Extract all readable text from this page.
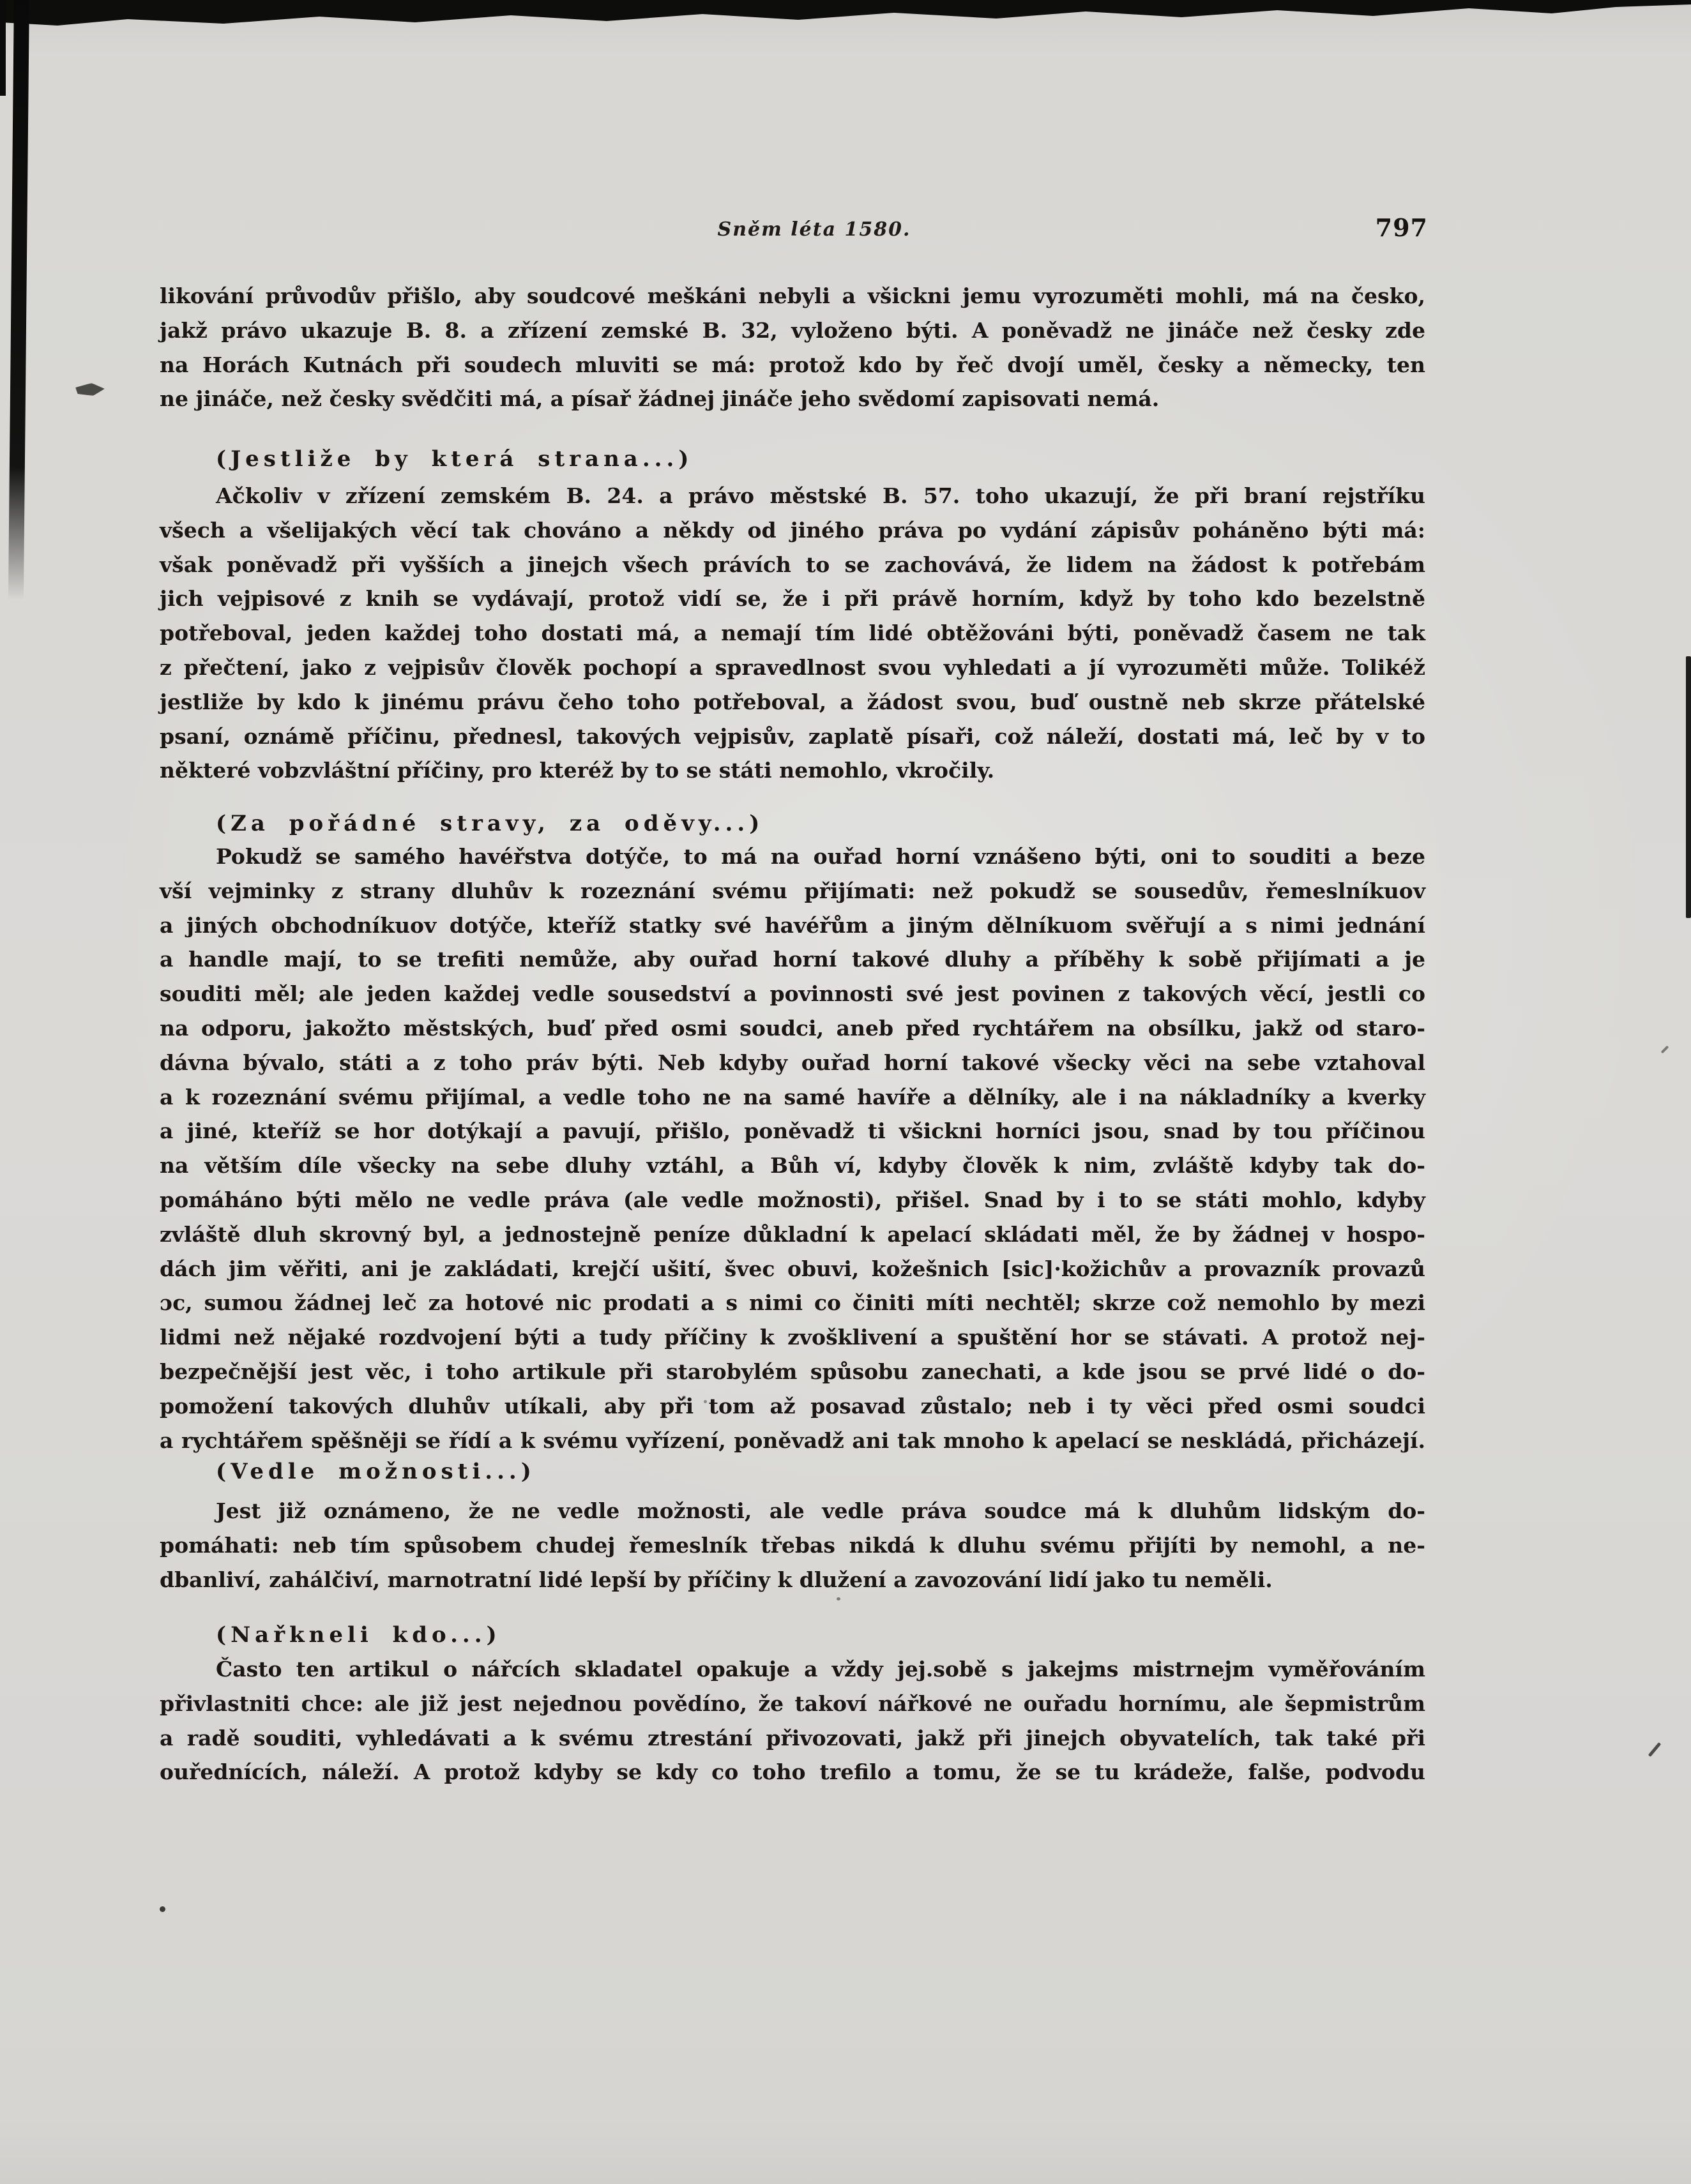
Sněm léta 1580.	797
likování průvodův přišlo, aby soudcové meškáni nebyli a všickni jemu vyrozuměti mohli, má na česko,
jakž právo ukazuje B. 8. a zřízení zemské B. 32, vyloženo býti. A poněvadž ne jináče než česky zde
na Horách Kutnách při soudech mluviti se má: protož kdo by řeč dvojí uměl, česky a německy, ten
ne jináče, než česky svědčiti má, a písař žádnej jináče jeho svědomí zapisovati nemá.
(Jestliže by která strana...)
Ačkoliv v zřízení zemském B. 24. a právo městské B. 57. toho ukazují, že při braní rejstříku
všech a všelijakých věcí tak chováno a někdy od jiného práva po vydání zápisův poháněno býti má:
však poněvadž při vyšších a jinejch všech právích to se zachovává, že lidem na žádost k potřebám
jich vejpisové z knih se vydávají, protož vidí se, že i při právě horním, když by toho kdo bezelstně
potřeboval, jeden každej toho dostati má, a nemají tím lidé obtěžováni býti, poněvadž časem ne tak
z přečtení, jako z vejpisův člověk pochopí a spravedlnost svou vyhledati a jí vyrozuměti může. Tolikéž
jestliže by kdo k jinému právu čeho toho potřeboval, a žádost svou, buď oustně neb skrze přátelské
psaní, oznámě příčinu, přednesl, takových vejpisův, zaplatě písaři, což náleží, dostati má, leč by v to
některé vobzvláštní příčiny, pro kteréž by to se státi nemohlo, vkročily.
(Za pořádné stravy, za oděvy...)
Pokudž se samého havéřstva dotýče, to má na ouřad horní vznášeno býti, oni to souditi a beze
vší vejminky z strany dluhův k rozeznání svému přijímati: než pokudž se sousedův, řemeslníkuov
a jiných obchodníkuov dotýče, kteříž statky své havéřům a jiným dělníkuom svěřují a s nimi jednání
a handle mají, to se trefiti nemůže, aby ouřad horní takové dluhy a příběhy k sobě přijímati a je
souditi měl; ale jeden každej vedle sousedství a povinnosti své jest povinen z takových věcí, jestli co
na odporu, jakožto městských, buď před osmi soudci, aneb před rychtářem na obsílku, jakž od staro-
dávna bývalo, státi a z toho práv býti. Neb kdyby ouřad horní takové všecky věci na sebe vztahoval
a k rozeznání svému přijímal, a vedle toho ne na samé havíře a dělníky, ale i na nákladníky a kverky
a jiné, kteříž se hor dotýkají a pavují, přišlo, poněvadž ti všickni horníci jsou, snad by tou příčinou
na větším díle všecky na sebe dluhy vztáhl, a Bůh ví, kdyby člověk k nim, zvláště kdyby tak do-
pomáháno býti mělo ne vedle práva (ale vedle možnosti), přišel. Snad by i to se státi mohlo, kdyby
zvláště dluh skrovný byl, a jednostejně peníze důkladní k apelací skládati měl, že by žádnej v hospo-
dách jim věřiti, ani je zakládati, krejčí ušití, švec obuvi, kožešnich [sic]·kožichův a provazník provazů
ɔc, sumou žádnej leč za hotové nic prodati a s nimi co činiti míti nechtěl; skrze což nemohlo by mezi
lidmi než nějaké rozdvojení býti a tudy příčiny k zvošklivení a spuštění hor se stávati. A protož nej-
bezpečnější jest věc, i toho artikule při starobylém spůsobu zanechati, a kde jsou se prvé lidé o do-
pomožení takových dluhův utíkali, aby při tom až posavad zůstalo; neb i ty věci před osmi soudci
a rychtářem spěšněji se řídí a k svému vyřízení, poněvadž ani tak mnoho k apelací se neskládá, přicházejí.
(Vedle možnosti...)
Jest již oznámeno, že ne vedle možnosti, ale vedle práva soudce má k dluhům lidským do-
pomáhati: neb tím spůsobem chudej řemeslník třebas nikdá k dluhu svému přijíti by nemohl, a ne-
dbanliví, zahálčiví, marnotratní lidé lepší by příčiny k dlužení a zavozování lidí jako tu neměli.
(Nařkneli kdo...)
Často ten artikul o nářcích skladatel opakuje a vždy jej.sobě s jakejms mistrnejm vyměřováním
přivlastniti chce: ale již jest nejednou povědíno, že takoví nářkové ne ouřadu hornímu, ale šepmistrům
a radě souditi, vyhledávati a k svému ztrestání přivozovati, jakž při jinejch obyvatelích, tak také při
ouřednících, náleží. A protož kdyby se kdy co toho trefilo a tomu, že se tu krádeže, falše, podvodu
